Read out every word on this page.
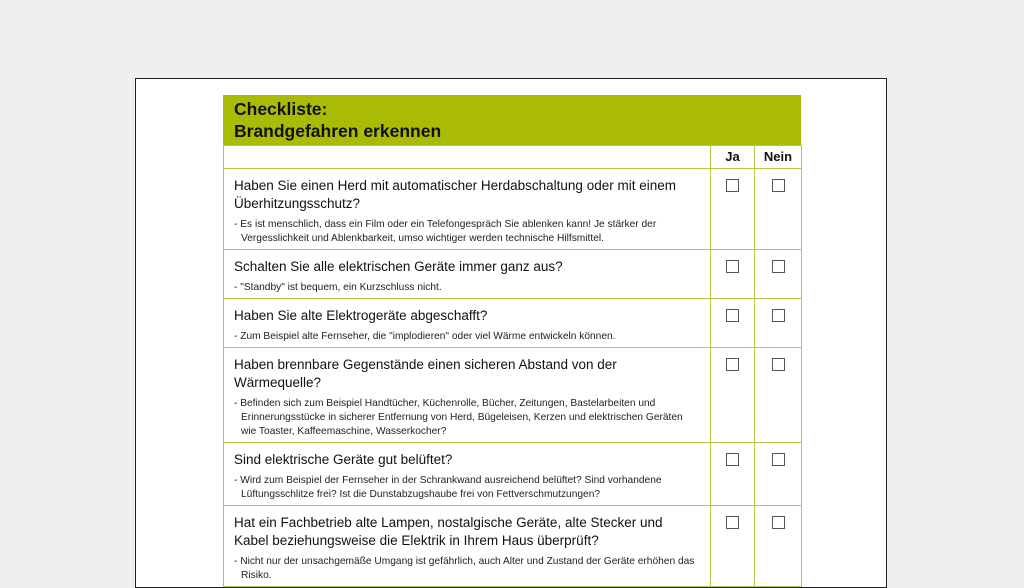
Checkliste:
Brandgefahren erkennen
	Ja	Nein

Haben Sie einen Herd mit automatischer Herdabschaltung oder mit einem Überhitzungsschutz?
- Es ist menschlich, dass ein Film oder ein Telefongespräch Sie ablenken kann! Je stärker der Vergesslichkeit und Ablenkbarkeit, umso wichtiger werden technische Hilfsmittel.		

Schalten Sie alle elektrischen Geräte immer ganz aus?
- "Standby" ist bequem, ein Kurzschluss nicht.		

Haben Sie alte Elektrogeräte abgeschafft?
- Zum Beispiel alte Fernseher, die "implodieren" oder viel Wärme entwickeln können.		

Haben brennbare Gegenstände einen sicheren Abstand von der Wärmequelle?
- Befinden sich zum Beispiel Handtücher, Küchenrolle, Bücher, Zeitungen, Bastelarbeiten und Erinnerungsstücke in sicherer Entfernung von Herd, Bügeleisen, Kerzen und elektrischen Geräten wie Toaster, Kaffeemaschine, Wasserkocher?		

Sind elektrische Geräte gut belüftet?
- Wird zum Beispiel der Fernseher in der Schrankwand ausreichend belüftet? Sind vorhandene Lüftungsschlitze frei? Ist die Dunstabzugshaube frei von Fettverschmutzungen?		

Hat ein Fachbetrieb alte Lampen, nostalgische Geräte, alte Stecker und Kabel beziehungsweise die Elektrik in Ihrem Haus überprüft?
- Nicht nur der unsachgemäße Umgang ist gefährlich, auch Alter und Zustand der Geräte erhöhen das Risiko.		
